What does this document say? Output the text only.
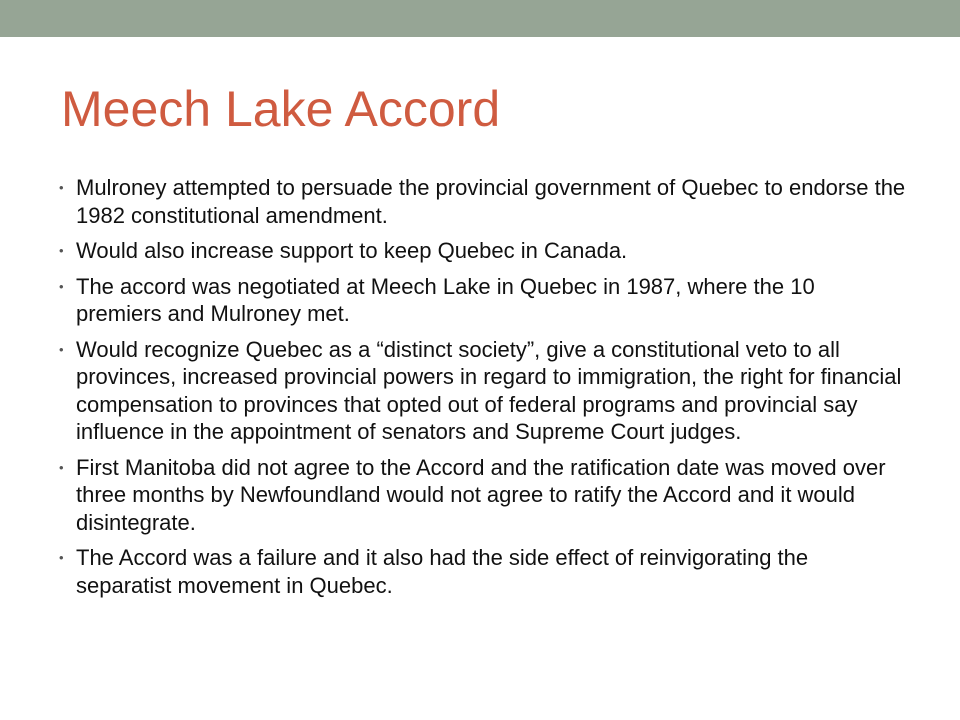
Meech Lake Accord
• Mulroney attempted to persuade the provincial government of Quebec to endorse the 1982 constitutional amendment.
• Would also increase support to keep Quebec in Canada.
• The accord was negotiated at Meech Lake in Quebec in 1987, where the 10 premiers and Mulroney met.
• Would recognize Quebec as a “distinct society”, give a constitutional veto to all provinces, increased provincial powers in regard to immigration, the right for financial compensation to provinces that opted out of federal programs and provincial say influence in the appointment of senators and Supreme Court judges.
• First Manitoba did not agree to the Accord and the ratification date was moved over three months by Newfoundland would not agree to ratify the Accord and it would disintegrate.
• The Accord was a failure and it also had the side effect of reinvigorating the separatist movement in Quebec.
